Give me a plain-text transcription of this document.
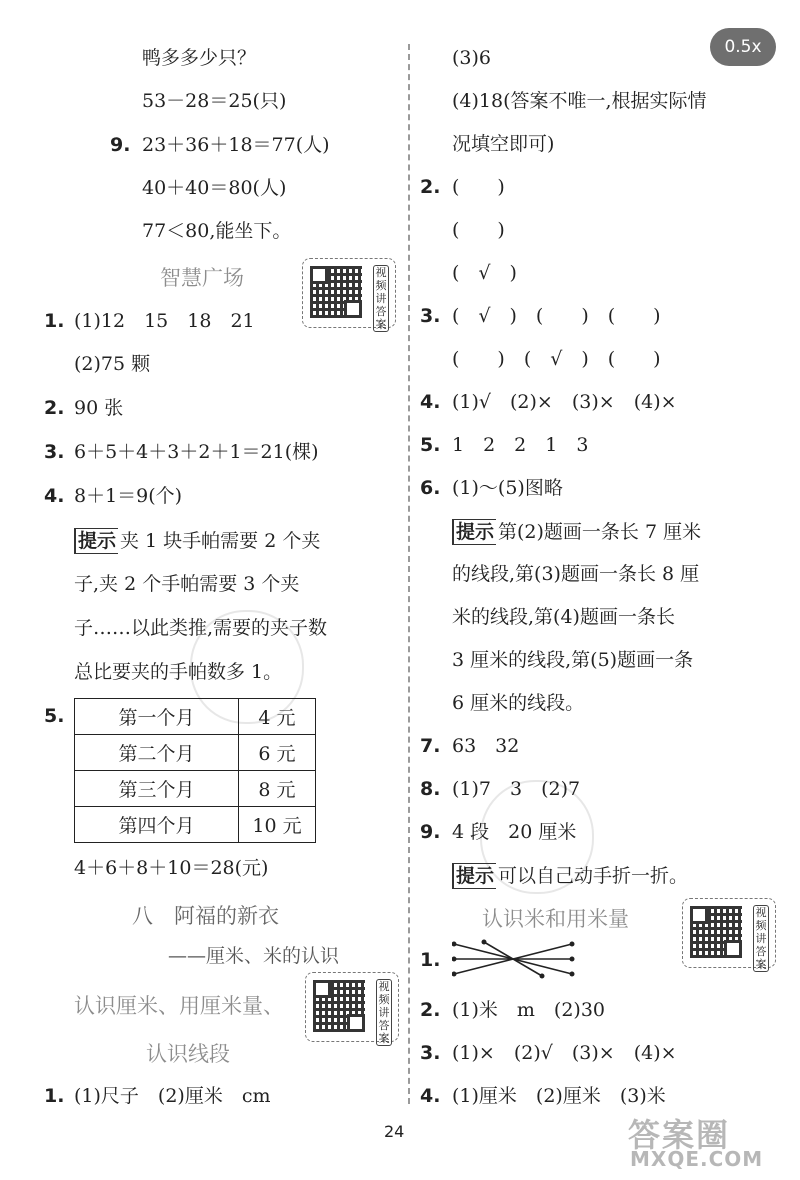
0.5x
鸭多多少只？
53－28＝25(只)
9. 23＋36＋18＝77(人)
40＋40＝80(人)
77＜80,能坐下。
智慧广场	视频讲答案
1. (1)12　15　18　21
(2)75 颗
2. 90 张
3. 6＋5＋4＋3＋2＋1＝21(棵)
4. 8＋1＝9(个)
提示 夹 1 块手帕需要 2 个夹
子,夹 2 个手帕需要 3 个夹
子……以此类推,需要的夹子数
总比要夹的手帕数多 1。
5.	第一个月	4 元
第二个月	6 元
第三个月	8 元
第四个月	10 元
4＋6＋8＋10＝28(元)
八　阿福的新衣
——厘米、米的认识
认识厘米、用厘米量、
视频讲答案
认识线段
1. (1)尺子　(2)厘米　cm
(3)6
(4)18(答案不唯一,根据实际情
况填空即可)
2. (　　)
(　　)
(　√　)
3. (　√　)　(　　)　(　　)
(　　)　(　√　)　(　　)
4. (1)√　(2)×　(3)×　(4)×
5. 1　2　2　1　3
6. (1)～(5)图略
提示 第(2)题画一条长 7 厘米
的线段,第(3)题画一条长 8 厘
米的线段,第(4)题画一条长
3 厘米的线段,第(5)题画一条
6 厘米的线段。
7. 63　32
8. (1)7　3　(2)7
9. 4 段　20 厘米
提示 可以自己动手折一折。
认识米和用米量	视频讲答案
1.
2. (1)米　m　(2)30
3. (1)×　(2)√　(3)×　(4)×
4. (1)厘米　(2)厘米　(3)米
24	答案圈
MXQE.COM
